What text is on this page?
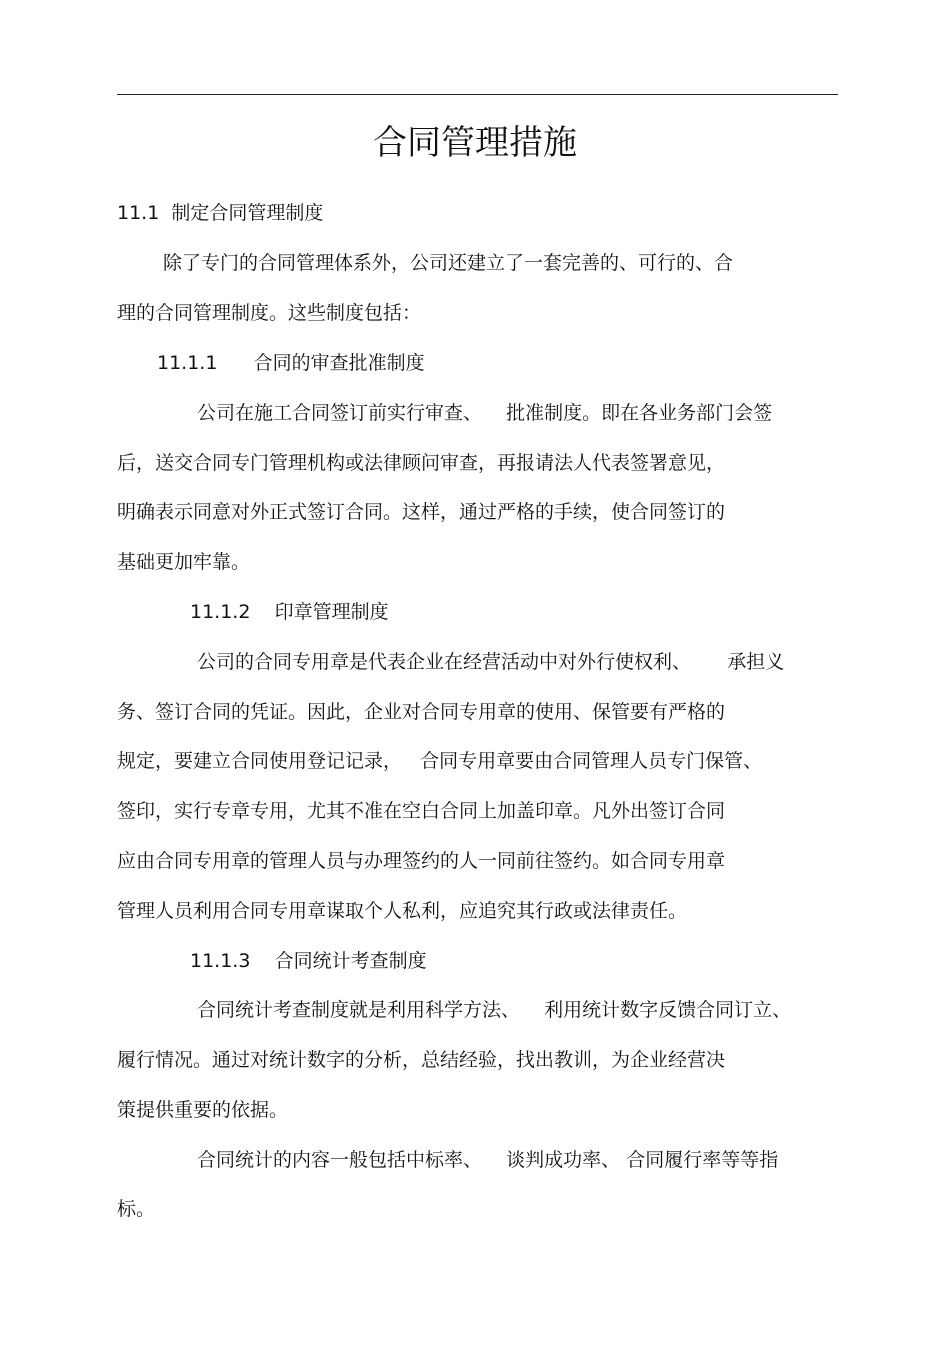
合同管理措施
11.1  制定合同管理制度
除了专门的合同管理体系外，公司还建立了一套完善的、可行的、合
理的合同管理制度。这些制度包括：
11.1.1      合同的审查批准制度
公司在施工合同签订前实行审查、    批准制度。即在各业务部门会签
后，送交合同专门管理机构或法律顾问审查，再报请法人代表签署意见，
明确表示同意对外正式签订合同。这样，通过严格的手续，使合同签订的
基础更加牢靠。
11.1.2    印章管理制度
公司的合同专用章是代表企业在经营活动中对外行使权利、      承担义
务、签订合同的凭证。因此，企业对合同专用章的使用、保管要有严格的
规定，要建立合同使用登记记录，   合同专用章要由合同管理人员专门保管、
签印，实行专章专用，尤其不准在空白合同上加盖印章。凡外出签订合同
应由合同专用章的管理人员与办理签约的人一同前往签约。如合同专用章
管理人员利用合同专用章谋取个人私利，应追究其行政或法律责任。
11.1.3    合同统计考查制度
合同统计考查制度就是利用科学方法、    利用统计数字反馈合同订立、
履行情况。通过对统计数字的分析，总结经验，找出教训，为企业经营决
策提供重要的依据。
合同统计的内容一般包括中标率、    谈判成功率、 合同履行率等等指
标。
